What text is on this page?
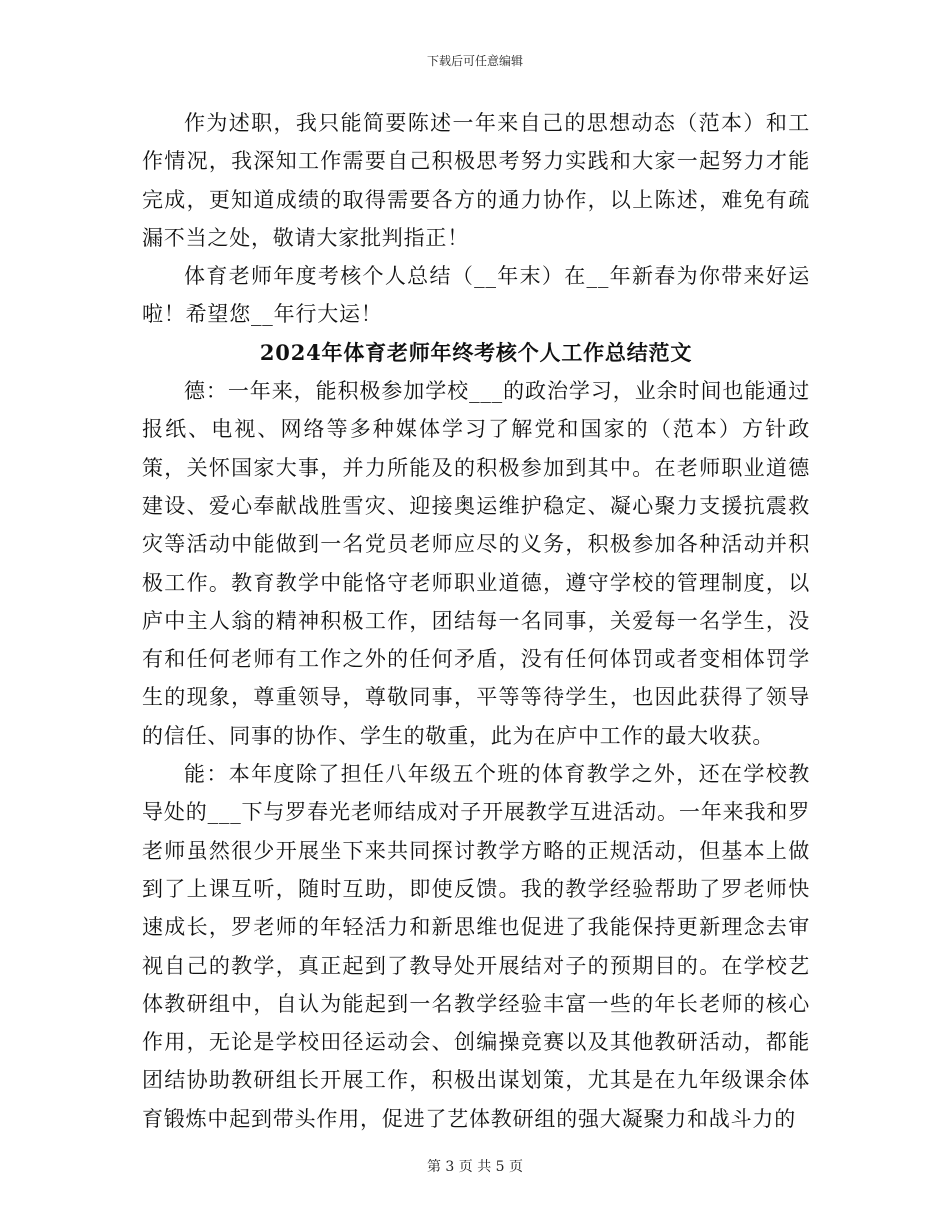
下载后可任意编辑

作为述职，我只能简要陈述一年来自己的思想动态（范本）和工作情况，我深知工作需要自己积极思考努力实践和大家一起努力才能完成，更知道成绩的取得需要各方的通力协作，以上陈述，难免有疏漏不当之处，敬请大家批判指正！

体育老师年度考核个人总结（__年末）在__年新春为你带来好运啦！希望您__年行大运！

2024年体育老师年终考核个人工作总结范文

德：一年来，能积极参加学校___的政治学习，业余时间也能通过报纸、电视、网络等多种媒体学习了解党和国家的（范本）方针政策，关怀国家大事，并力所能及的积极参加到其中。在老师职业道德建设、爱心奉献战胜雪灾、迎接奥运维护稳定、凝心聚力支援抗震救灾等活动中能做到一名党员老师应尽的义务，积极参加各种活动并积极工作。教育教学中能恪守老师职业道德，遵守学校的管理制度，以庐中主人翁的精神积极工作，团结每一名同事，关爱每一名学生，没有和任何老师有工作之外的任何矛盾，没有任何体罚或者变相体罚学生的现象，尊重领导，尊敬同事，平等等待学生，也因此获得了领导的信任、同事的协作、学生的敬重，此为在庐中工作的最大收获。

能：本年度除了担任八年级五个班的体育教学之外，还在学校教导处的___下与罗春光老师结成对子开展教学互进活动。一年来我和罗老师虽然很少开展坐下来共同探讨教学方略的正规活动，但基本上做到了上课互听，随时互助，即使反馈。我的教学经验帮助了罗老师快速成长，罗老师的年轻活力和新思维也促进了我能保持更新理念去审视自己的教学，真正起到了教导处开展结对子的预期目的。在学校艺体教研组中，自认为能起到一名教学经验丰富一些的年长老师的核心作用，无论是学校田径运动会、创编操竞赛以及其他教研活动，都能团结协助教研组长开展工作，积极出谋划策，尤其是在九年级课余体育锻炼中起到带头作用，促进了艺体教研组的强大凝聚力和战斗力的

第 3 页 共 5 页
